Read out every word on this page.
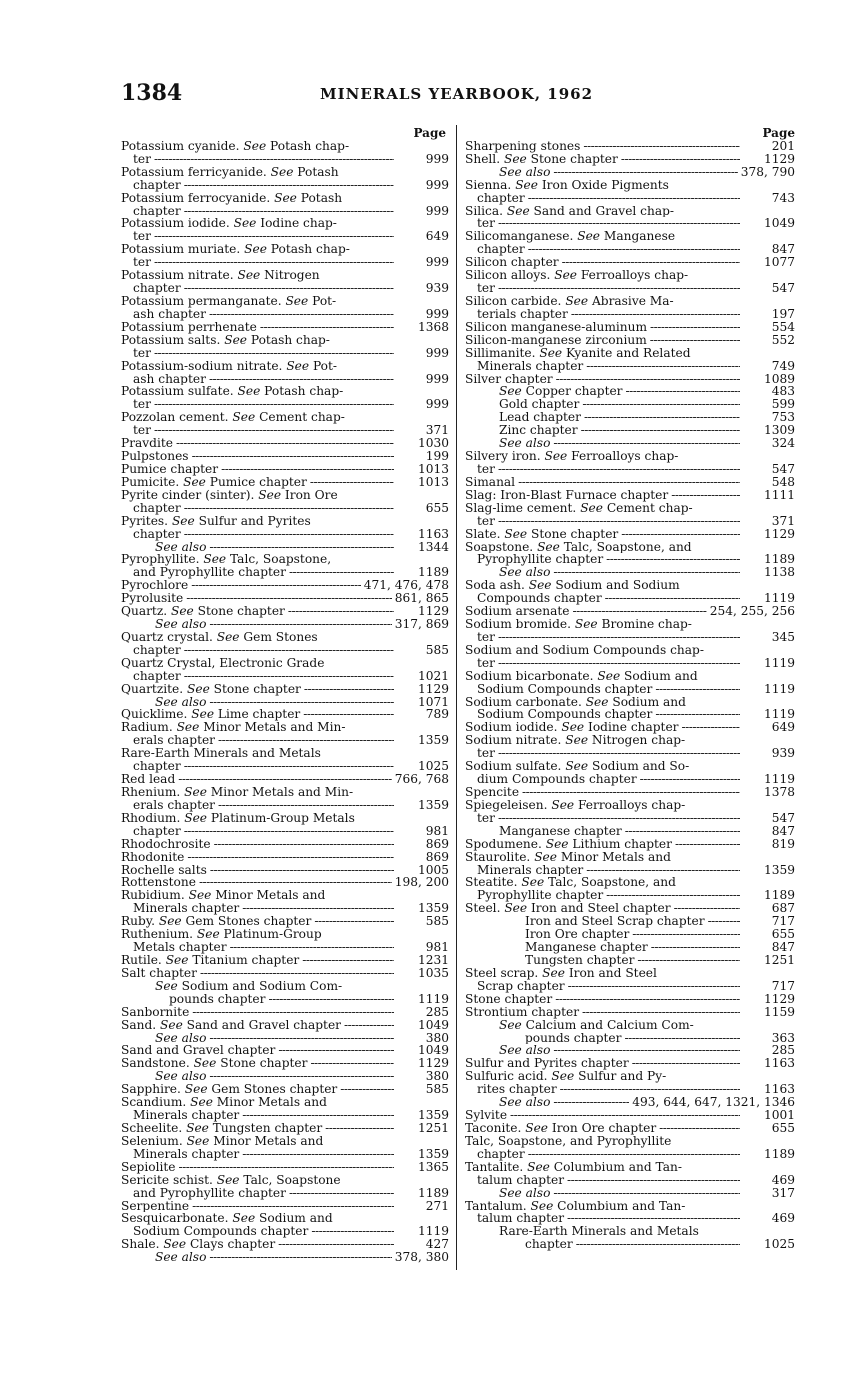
1384	MINERALS YEARBOOK, 1962
Page
Potassium cyanide. See Potash chap-
ter -----	999
Potassium ferricyanide. See Potash
chapter -----	999
Potassium ferrocyanide. See Potash
chapter -----	999
Potassium iodide. See Iodine chap-
ter -----	649
Potassium muriate. See Potash chap-
ter -----	999
Potassium nitrate. See Nitrogen
chapter -----	939
Potassium permanganate. See Pot-
ash chapter -----	999
Potassium perrhenate -----	1368
Potassium salts. See Potash chap-
ter -----	999
Potassium-sodium nitrate. See Pot-
ash chapter -----	999
Potassium sulfate. See Potash chap-
ter -----	999
Pozzolan cement. See Cement chap-
ter -----	371
Pravdite -----	1030
Pulpstones -----	199
Pumice chapter -----	1013
Pumicite. See Pumice chapter -----	1013
Pyrite cinder (sinter). See Iron Ore
chapter -----	655
Pyrites. See Sulfur and Pyrites
chapter -----	1163
See also -----	1344
Pyrophyllite. See Talc, Soapstone,
and Pyrophyllite chapter -----	1189
Pyrochlore -----	471, 476, 478
Pyrolusite -----	861, 865
Quartz. See Stone chapter -----	1129
See also -----	317, 869
Quartz crystal. See Gem Stones
chapter -----	585
Quartz Crystal, Electronic Grade
chapter -----	1021
Quartzite. See Stone chapter -----	1129
See also -----	1071
Quicklime. See Lime chapter -----	789
Radium. See Minor Metals and Min-
erals chapter -----	1359
Rare-Earth Minerals and Metals
chapter -----	1025
Red lead -----	766, 768
Rhenium. See Minor Metals and Min-
erals chapter -----	1359
Rhodium. See Platinum-Group Metals
chapter -----	981
Rhodochrosite -----	869
Rhodonite -----	869
Rochelle salts -----	1005
Rottenstone -----	198, 200
Rubidium. See Minor Metals and
Minerals chapter -----	1359
Ruby. See Gem Stones chapter -----	585
Ruthenium. See Platinum-Group
Metals chapter -----	981
Rutile. See Titanium chapter -----	1231
Salt chapter -----	1035
See Sodium and Sodium Com-
pounds chapter -----	1119
Sanbornite -----	285
Sand. See Sand and Gravel chapter -----	1049
See also -----	380
Sand and Gravel chapter -----	1049
Sandstone. See Stone chapter -----	1129
See also -----	380
Sapphire. See Gem Stones chapter -----	585
Scandium. See Minor Metals and
Minerals chapter -----	1359
Scheelite. See Tungsten chapter -----	1251
Selenium. See Minor Metals and
Minerals chapter -----	1359
Sepiolite -----	1365
Sericite schist. See Talc, Soapstone
and Pyrophyllite chapter -----	1189
Serpentine -----	271
Sesquicarbonate. See Sodium and
Sodium Compounds chapter -----	1119
Shale. See Clays chapter -----	427
See also -----	378, 380
Page
Sharpening stones -----	201
Shell. See Stone chapter -----	1129
See also -----	378, 790
Sienna. See Iron Oxide Pigments
chapter -----	743
Silica. See Sand and Gravel chap-
ter -----	1049
Silicomanganese. See Manganese
chapter -----	847
Silicon chapter -----	1077
Silicon alloys. See Ferroalloys chap-
ter -----	547
Silicon carbide. See Abrasive Ma-
terials chapter -----	197
Silicon manganese-aluminum -----	554
Silicon-manganese zirconium -----	552
Sillimanite. See Kyanite and Related
Minerals chapter -----	749
Silver chapter -----	1089
See Copper chapter -----	483
Gold chapter -----	599
Lead chapter -----	753
Zinc chapter -----	1309
See also -----	324
Silvery iron. See Ferroalloys chap-
ter -----	547
Simanal -----	548
Slag: Iron-Blast Furnace chapter -----	1111
Slag-lime cement. See Cement chap-
ter -----	371
Slate. See Stone chapter -----	1129
Soapstone. See Talc, Soapstone, and
Pyrophyllite chapter -----	1189
See also -----	1138
Soda ash. See Sodium and Sodium
Compounds chapter -----	1119
Sodium arsenate -----	254, 255, 256
Sodium bromide. See Bromine chap-
ter -----	345
Sodium and Sodium Compounds chap-
ter -----	1119
Sodium bicarbonate. See Sodium and
Sodium Compounds chapter -----	1119
Sodium carbonate. See Sodium and
Sodium Compounds chapter -----	1119
Sodium iodide. See Iodine chapter -----	649
Sodium nitrate. See Nitrogen chap-
ter -----	939
Sodium sulfate. See Sodium and So-
dium Compounds chapter -----	1119
Spencite -----	1378
Spiegeleisen. See Ferroalloys chap-
ter -----	547
Manganese chapter -----	847
Spodumene. See Lithium chapter -----	819
Staurolite. See Minor Metals and
Minerals chapter -----	1359
Steatite. See Talc, Soapstone, and
Pyrophyllite chapter -----	1189
Steel. See Iron and Steel chapter -----	687
Iron and Steel Scrap chapter -----	717
Iron Ore chapter -----	655
Manganese chapter -----	847
Tungsten chapter -----	1251
Steel scrap. See Iron and Steel
Scrap chapter -----	717
Stone chapter -----	1129
Strontium chapter -----	1159
See Calcium and Calcium Com-
pounds chapter -----	363
See also -----	285
Sulfur and Pyrites chapter -----	1163
Sulfuric acid. See Sulfur and Py-
rites chapter -----	1163
See also -----	493, 644, 647, 1321, 1346
Sylvite -----	1001
Taconite. See Iron Ore chapter -----	655
Talc, Soapstone, and Pyrophyllite
chapter -----	1189
Tantalite. See Columbium and Tan-
talum chapter -----	469
See also -----	317
Tantalum. See Columbium and Tan-
talum chapter -----	469
Rare-Earth Minerals and Metals
chapter -----	1025
